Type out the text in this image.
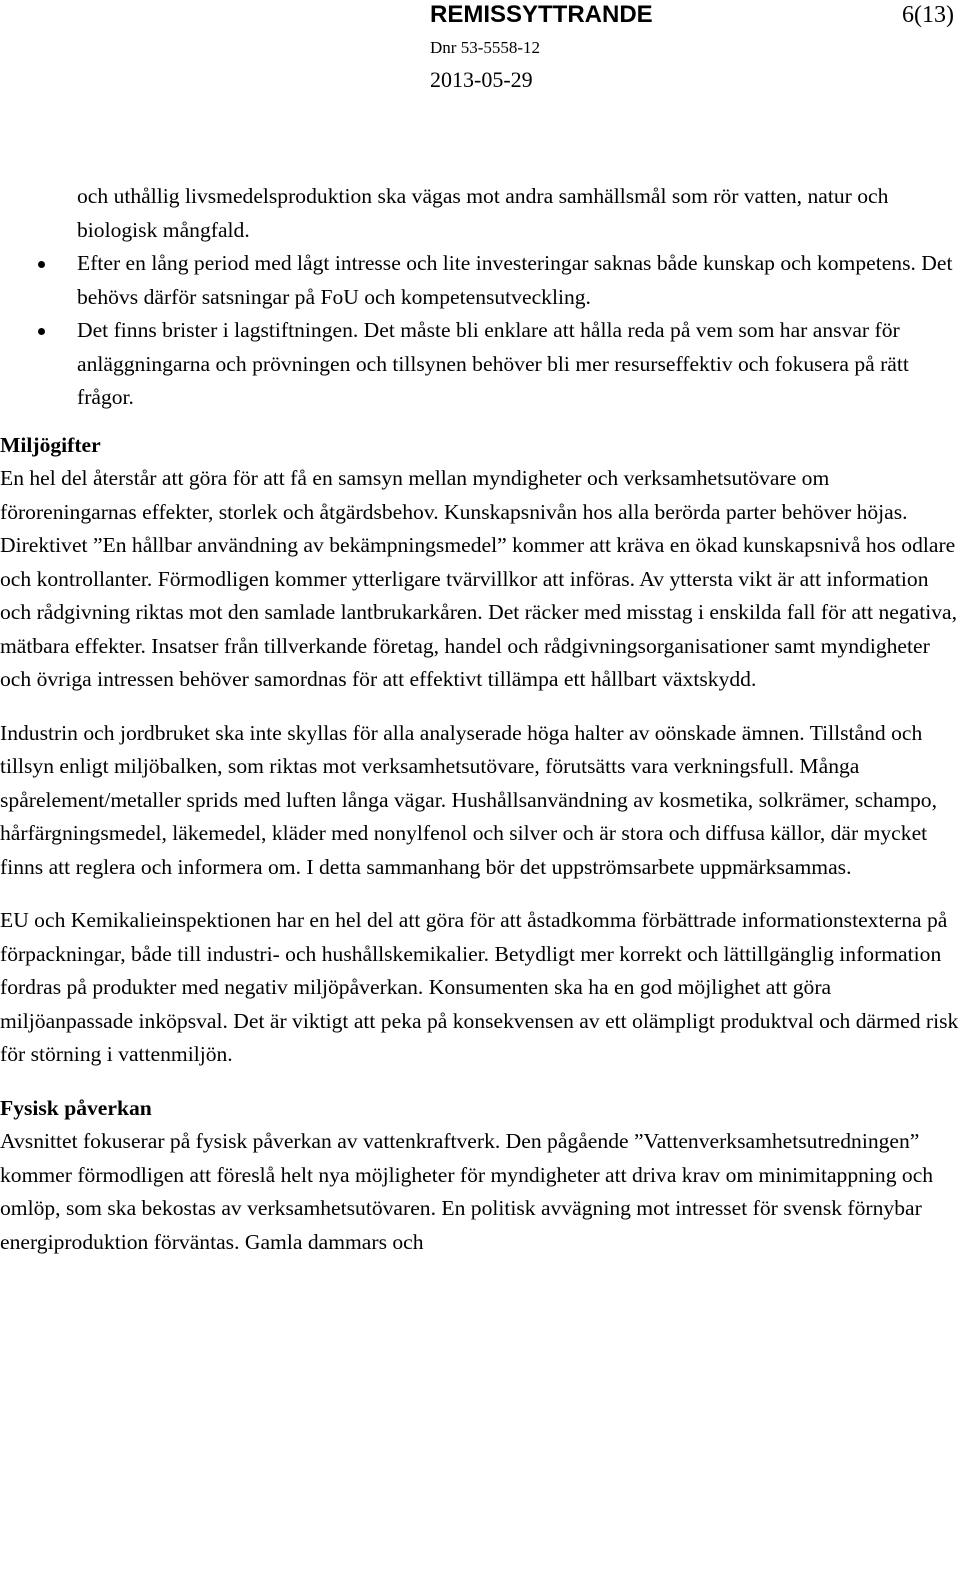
REMISSYTTRANDE	6(13)
Dnr 53-5558-12
2013-05-29

och uthållig livsmedelsproduktion ska vägas mot andra samhällsmål som rör vatten, natur och biologisk mångfald.

Efter en lång period med lågt intresse och lite investeringar saknas både kunskap och kompetens. Det behövs därför satsningar på FoU och kompetensutveckling.
Det finns brister i lagstiftningen. Det måste bli enklare att hålla reda på vem som har ansvar för anläggningarna och prövningen och tillsynen behöver bli mer resurseffektiv och fokusera på rätt frågor.
Miljögifter

En hel del återstår att göra för att få en samsyn mellan myndigheter och verksamhetsutövare om föroreningarnas effekter, storlek och åtgärdsbehov. Kunskapsnivån hos alla berörda parter behöver höjas. Direktivet ”En hållbar användning av bekämpningsmedel” kommer att kräva en ökad kunskapsnivå hos odlare och kontrollanter. Förmodligen kommer ytterligare tvärvillkor att införas. Av yttersta vikt är att information och rådgivning riktas mot den samlade lantbrukarkåren. Det räcker med misstag i enskilda fall för att negativa, mätbara effekter. Insatser från tillverkande företag, handel och rådgivningsorganisationer samt myndigheter och övriga intressen behöver samordnas för att effektivt tillämpa ett hållbart växtskydd.

Industrin och jordbruket ska inte skyllas för alla analyserade höga halter av oönskade ämnen. Tillstånd och tillsyn enligt miljöbalken, som riktas mot verksamhetsutövare, förutsätts vara verkningsfull. Många spårelement/metaller sprids med luften långa vägar. Hushållsanvändning av kosmetika, solkrämer, schampo, hårfärgningsmedel, läkemedel, kläder med nonylfenol och silver och är stora och diffusa källor, där mycket finns att reglera och informera om. I detta sammanhang bör det uppströmsarbete uppmärksammas.

EU och Kemikalieinspektionen har en hel del att göra för att åstadkomma förbättrade informationstexterna på förpackningar, både till industri- och hushållskemikalier. Betydligt mer korrekt och lättillgänglig information fordras på produkter med negativ miljöpåverkan. Konsumenten ska ha en god möjlighet att göra miljöanpassade inköpsval. Det är viktigt att peka på konsekvensen av ett olämpligt produktval och därmed risk för störning i vattenmiljön.

Fysisk påverkan

Avsnittet fokuserar på fysisk påverkan av vattenkraftverk. Den pågående ”Vattenverksamhetsutredningen” kommer förmodligen att föreslå helt nya möjligheter för myndigheter att driva krav om minimitappning och omlöp, som ska bekostas av verksamhetsutövaren. En politisk avvägning mot intresset för svensk förnybar energiproduktion förväntas. Gamla dammars och
